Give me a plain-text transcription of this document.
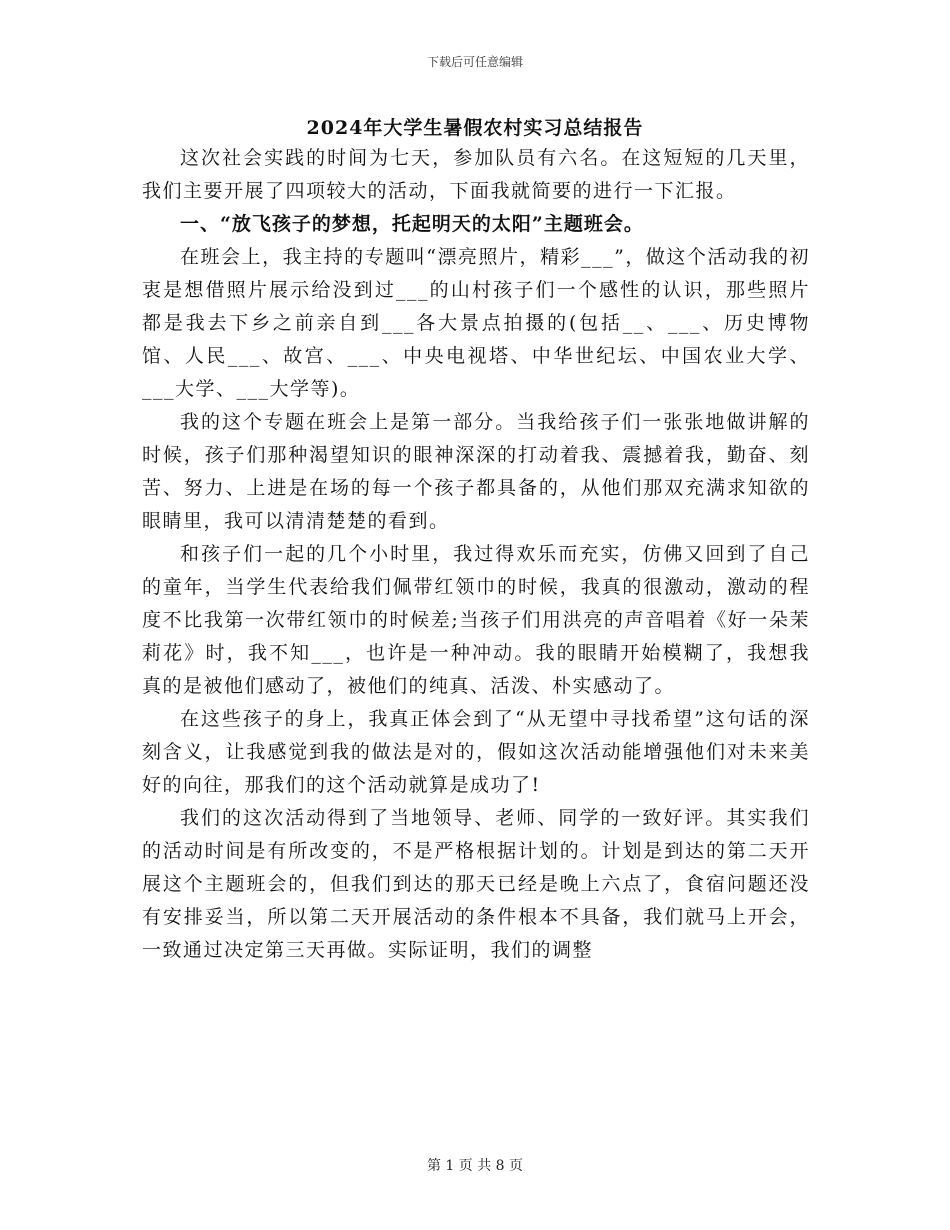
下载后可任意编辑
2024年大学生暑假农村实习总结报告

这次社会实践的时间为七天，参加队员有六名。在这短短的几天里，我们主要开展了四项较大的活动，下面我就简要的进行一下汇报。

一、“放飞孩子的梦想，托起明天的太阳”主题班会。

在班会上，我主持的专题叫“漂亮照片，精彩___”，做这个活动我的初衷是想借照片展示给没到过___的山村孩子们一个感性的认识，那些照片都是我去下乡之前亲自到___各大景点拍摄的(包括__、___、历史博物馆、人民___、故宫、___、中央电视塔、中华世纪坛、中国农业大学、___大学、___大学等)。

我的这个专题在班会上是第一部分。当我给孩子们一张张地做讲解的时候，孩子们那种渴望知识的眼神深深的打动着我、震撼着我，勤奋、刻苦、努力、上进是在场的每一个孩子都具备的，从他们那双充满求知欲的眼睛里，我可以清清楚楚的看到。

和孩子们一起的几个小时里，我过得欢乐而充实，仿佛又回到了自己的童年，当学生代表给我们佩带红领巾的时候，我真的很激动，激动的程度不比我第一次带红领巾的时候差;当孩子们用洪亮的声音唱着《好一朵茉莉花》时，我不知___，也许是一种冲动。我的眼睛开始模糊了，我想我真的是被他们感动了，被他们的纯真、活泼、朴实感动了。

在这些孩子的身上，我真正体会到了“从无望中寻找希望”这句话的深刻含义，让我感觉到我的做法是对的，假如这次活动能增强他们对未来美好的向往，那我们的这个活动就算是成功了!

我们的这次活动得到了当地领导、老师、同学的一致好评。其实我们的活动时间是有所改变的，不是严格根据计划的。计划是到达的第二天开展这个主题班会的，但我们到达的那天已经是晚上六点了，食宿问题还没有安排妥当，所以第二天开展活动的条件根本不具备，我们就马上开会，一致通过决定第三天再做。实际证明，我们的调整

第 1 页 共 8 页
